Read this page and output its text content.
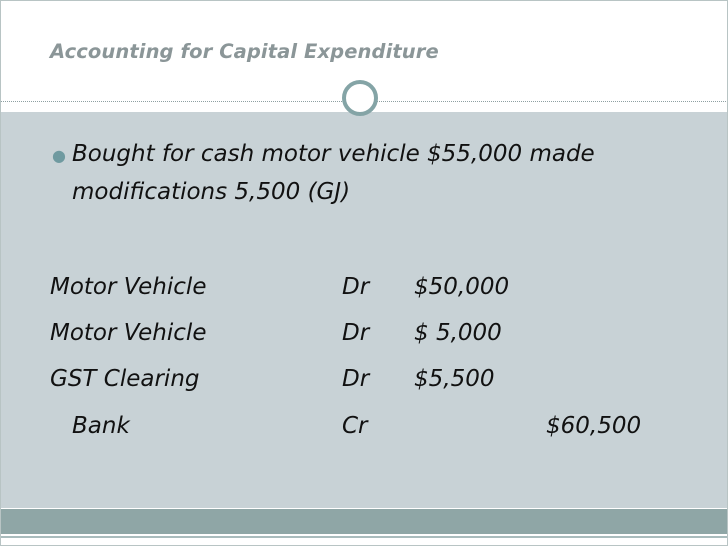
Accounting for Capital Expenditure
● Bought for cash motor vehicle $55,000 made
modifications 5,500 (GJ)
Motor Vehicle	Dr $50,000
Motor Vehicle	Dr $ 5,000
GST Clearing	Dr $5,500
Bank	Cr	$60,500
